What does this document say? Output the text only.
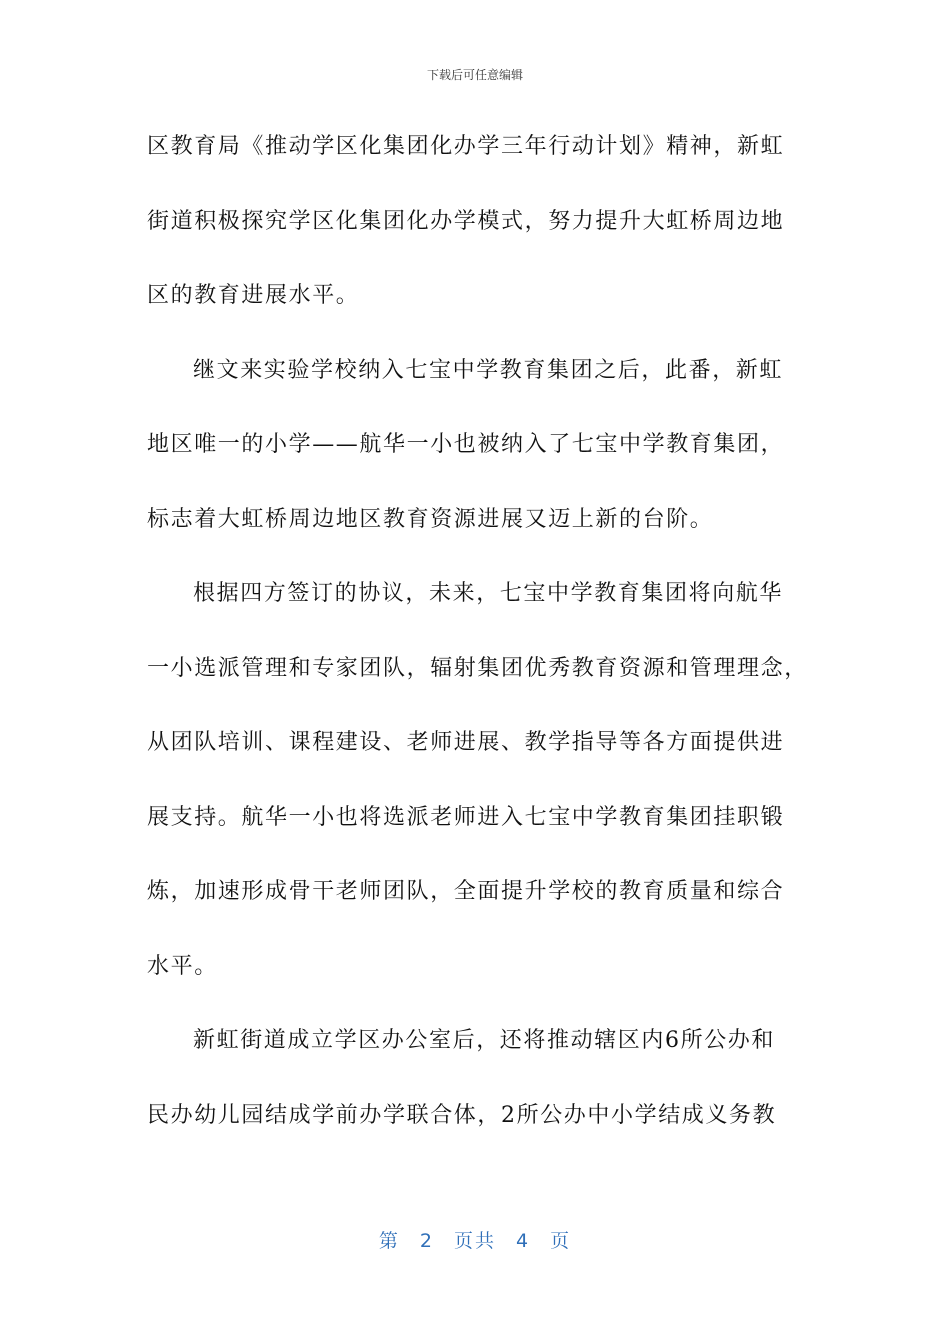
下载后可任意编辑
区教育局《推动学区化集团化办学三年行动计划》精神，新虹
街道积极探究学区化集团化办学模式，努力提升大虹桥周边地
区的教育进展水平。
继文来实验学校纳入七宝中学教育集团之后，此番，新虹
地区唯一的小学——航华一小也被纳入了七宝中学教育集团，
标志着大虹桥周边地区教育资源进展又迈上新的台阶。
根据四方签订的协议，未来，七宝中学教育集团将向航华
一小选派管理和专家团队，辐射集团优秀教育资源和管理理念，
从团队培训、课程建设、老师进展、教学指导等各方面提供进
展支持。航华一小也将选派老师进入七宝中学教育集团挂职锻
炼，加速形成骨干老师团队，全面提升学校的教育质量和综合
水平。
新虹街道成立学区办公室后，还将推动辖区内6所公办和
民办幼儿园结成学前办学联合体，2所公办中小学结成义务教
第 2 页共 4 页
